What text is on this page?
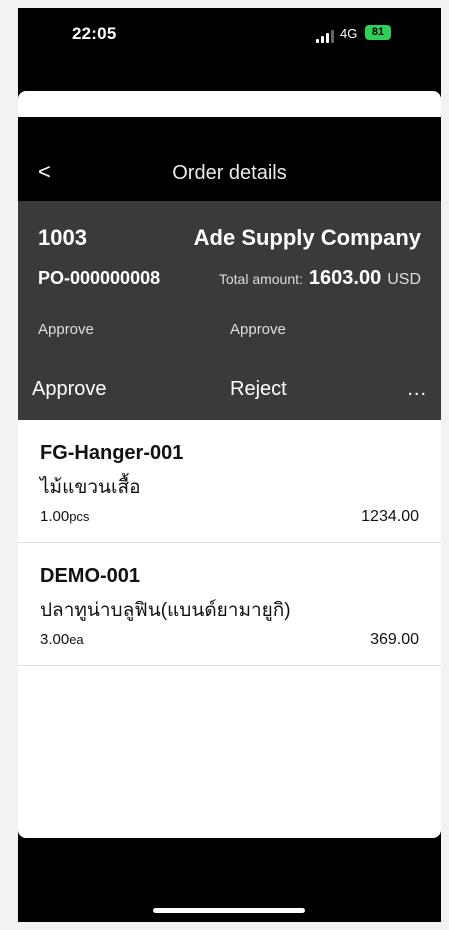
22:05	4G	81
<	Order details
1003	Ade Supply Company
PO-000000008	Total amount: 1603.00 USD
Approve	Approve
Approve	Reject	...
FG-Hanger-001
ไม้แขวนเสื้อ
1.00pcs	1234.00
DEMO-001
ปลาทูน่าบลูฟิน(แบนด์ยามายูกิ)
3.00ea	369.00
